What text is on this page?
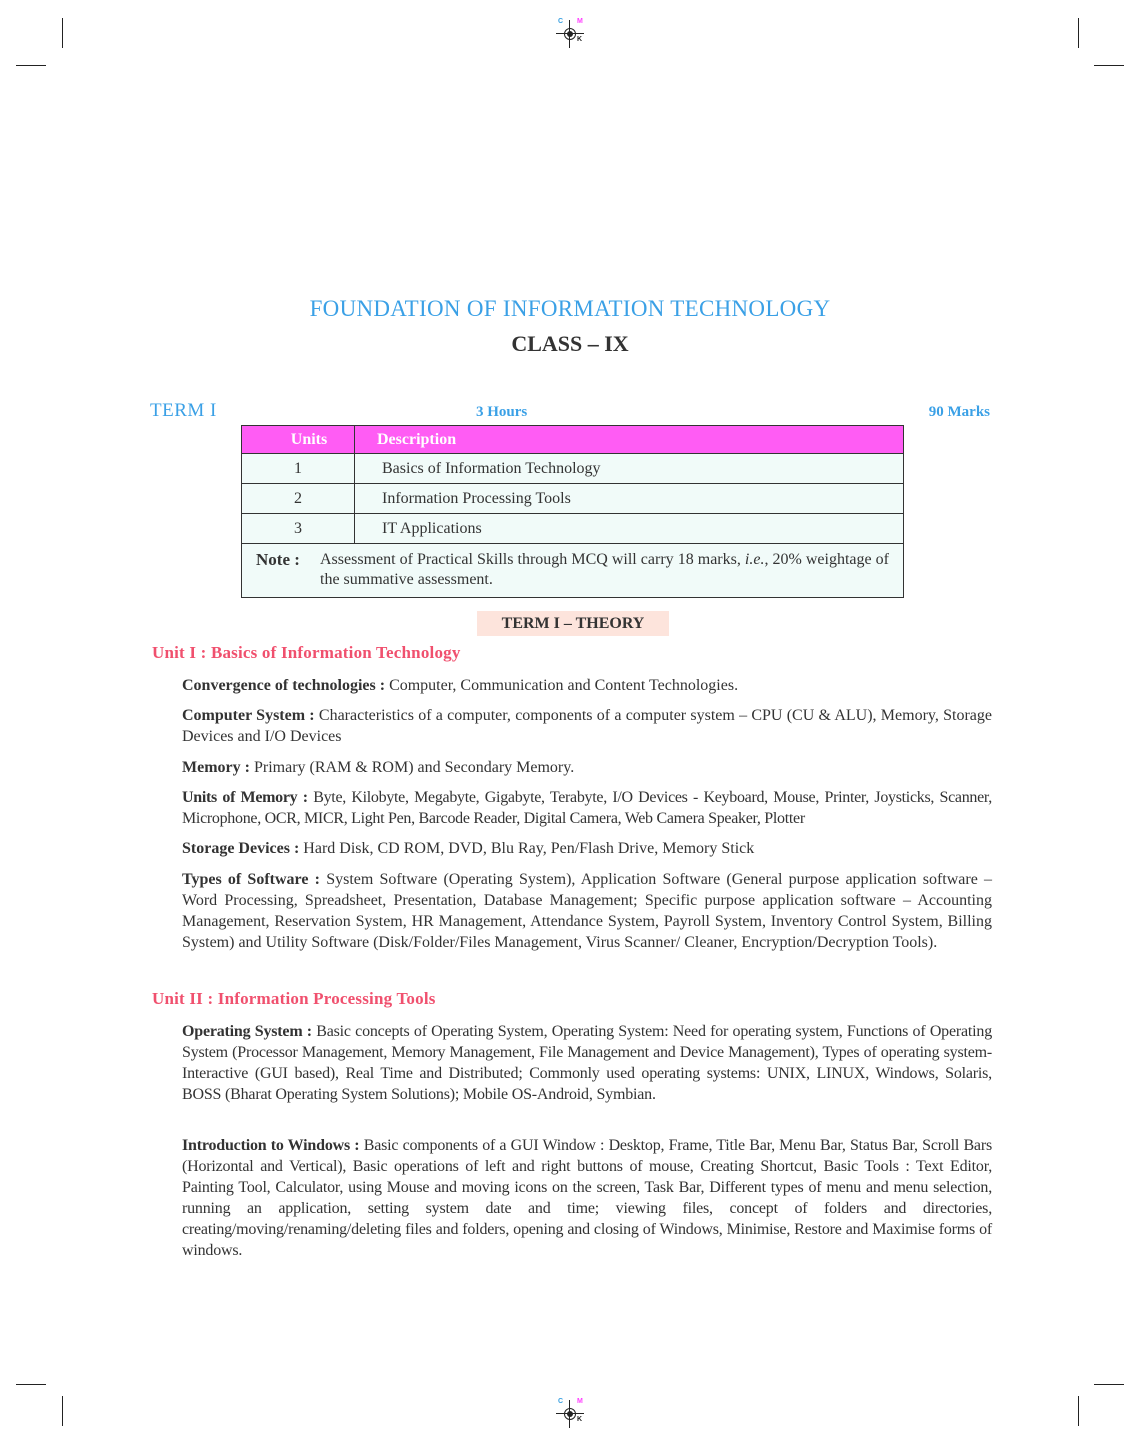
C M
K
C M
K
FOUNDATION OF INFORMATION TECHNOLOGY
CLASS – IX
TERM I	3 Hours	90 Marks
Units	Description
1	Basics of Information Technology
2	Information Processing Tools
3	IT Applications

Note : Assessment of Practical Skills through MCQ will carry 18 marks, i.e., 20% weightage of the summative assessment.	
TERM I – THEORY
Unit I : Basics of Information Technology
Convergence of technologies : Computer, Communication and Content Technologies.
Computer System : Characteristics of a computer, components of a computer system – CPU (CU & ALU), Memory, Storage Devices and I/O Devices
Memory : Primary (RAM & ROM) and Secondary Memory.
Units of Memory : Byte, Kilobyte, Megabyte, Gigabyte, Terabyte, I/O Devices - Keyboard, Mouse, Printer, Joysticks, Scanner, Microphone, OCR, MICR, Light Pen, Barcode Reader, Digital Camera, Web Camera Speaker, Plotter
Storage Devices : Hard Disk, CD ROM, DVD, Blu Ray, Pen/Flash Drive, Memory Stick
Types of Software : System Software (Operating System), Application Software (General purpose application software – Word Processing, Spreadsheet, Presentation, Database Management; Specific purpose application software – Accounting Management, Reservation System, HR Management, Attendance System, Payroll System, Inventory Control System, Billing System) and Utility Software (Disk/Folder/Files Management, Virus Scanner/ Cleaner, Encryption/Decryption Tools).
Unit II : Information Processing Tools
Operating System : Basic concepts of Operating System, Operating System: Need for operating system, Functions of Operating System (Processor Management, Memory Management, File Management and Device Management), Types of operating system- Interactive (GUI based), Real Time and Distributed; Commonly used operating systems: UNIX, LINUX, Windows, Solaris, BOSS (Bharat Operating System Solutions); Mobile OS-Android, Symbian.
Introduction to Windows : Basic components of a GUI Window : Desktop, Frame, Title Bar, Menu Bar, Status Bar, Scroll Bars (Horizontal and Vertical), Basic operations of left and right buttons of mouse, Creating Shortcut, Basic Tools : Text Editor, Painting Tool, Calculator, using Mouse and moving icons on the screen, Task Bar, Different types of menu and menu selection, running an application, setting system date and time; viewing files, concept of folders and directories, creating/moving/renaming/deleting files and folders, opening and closing of Windows, Minimise, Restore and Maximise forms of windows.
